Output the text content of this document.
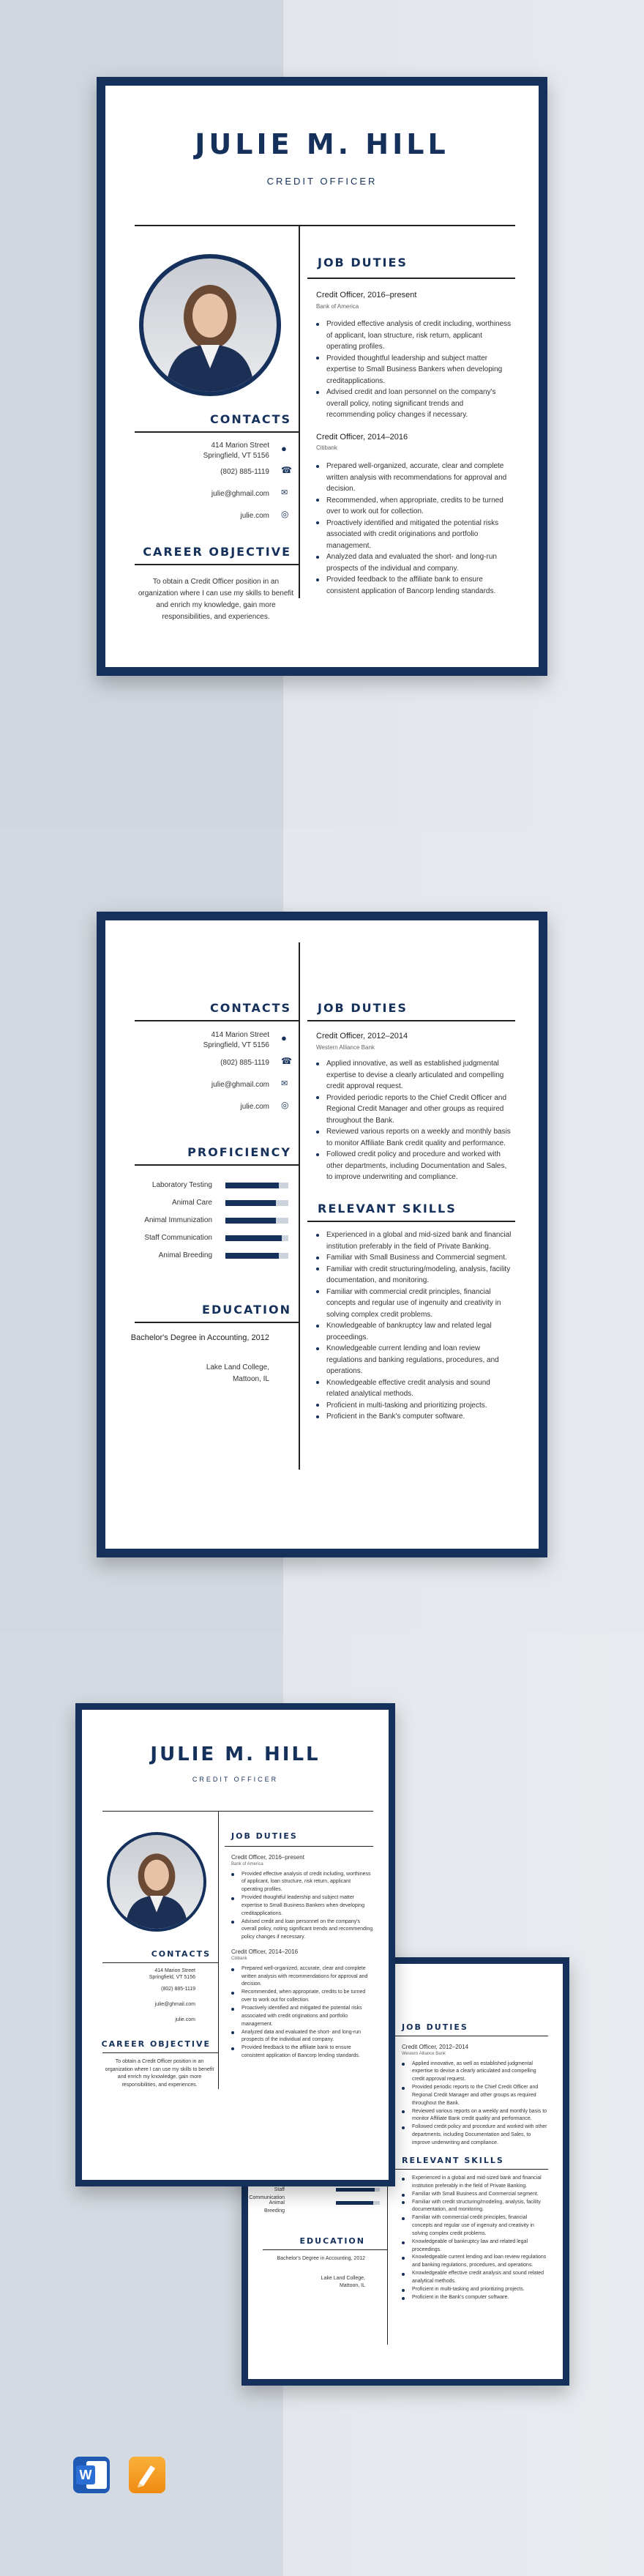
JULIE M. HILL
CREDIT OFFICER
CONTACTS
414 Marion Street
Springfield, VT 5156
●
(802) 885-1119 ☎
julie@ghmail.com ✉
julie.com ◎
CAREER OBJECTIVE
To obtain a Credit Officer position in an organization where I can use my skills to benefit and enrich my knowledge, gain more responsibilities, and experiences.
JOB DUTIES
Credit Officer, 2016–present
Bank of America
Provided effective analysis of credit including, worthiness of applicant, loan structure, risk return, applicant operating profiles.
Provided thoughtful leadership and subject matter expertise to Small Business Bankers when developing creditapplications.
Advised credit and loan personnel on the company's overall policy, noting significant trends and recommending policy changes if necessary.
Credit Officer, 2014–2016
Citibank
Prepared well-organized, accurate, clear and complete written analysis with recommendations for approval and decision.
Recommended, when appropriate, credits to be turned over to work out for collection.
Proactively identified and mitigated the potential risks associated with credit originations and portfolio management.
Analyzed data and evaluated the short- and long-run prospects of the individual and company.
Provided feedback to the affiliate bank to ensure consistent application of Bancorp lending standards.
CONTACTS
414 Marion Street
Springfield, VT 5156
●
(802) 885-1119 ☎
julie@ghmail.com ✉
julie.com ◎
PROFICIENCY
EDUCATION
Bachelor's Degree in Accounting, 2012
Lake Land College,
Mattoon, IL
JOB DUTIES
Credit Officer, 2012–2014
Western Alliance Bank
Applied innovative, as well as established judgmental expertise to devise a clearly articulated and compelling credit approval request.
Provided periodic reports to the Chief Credit Officer and Regional Credit Manager and other groups as required throughout the Bank.
Reviewed various reports on a weekly and monthly basis to monitor Affiliate Bank credit quality and performance.
Followed credit policy and procedure and worked with other departments, including Documentation and Sales, to improve underwriting and compliance.
RELEVANT SKILLS
Experienced in a global and mid-sized bank and financial institution preferably in the field of Private Banking.
Familiar with Small Business and Commercial segment.
Familiar with credit structuring/modeling, analysis, facility documentation, and monitoring.
Familiar with commercial credit principles, financial concepts and regular use of ingenuity and creativity in solving complex credit problems.
Knowledgeable of bankruptcy law and related legal proceedings.
Knowledgeable current lending and loan review regulations and banking regulations, procedures, and operations.
Knowledgeable effective credit analysis and sound related analytical methods.
Proficient in multi-tasking and prioritizing projects.
Proficient in the Bank's computer software.
Laboratory Testing
Animal Care
Animal Immunization
Staff Communication
Animal Breeding
JOB DUTIES
Credit Officer, 2012–2014
Western Alliance Bank
Applied innovative, as well as established judgmental expertise to devise a clearly articulated and compelling credit approval request.
Provided periodic reports to the Chief Credit Officer and Regional Credit Manager and other groups as required throughout the Bank.
Reviewed various reports on a weekly and monthly basis to monitor Affiliate Bank credit quality and performance.
Followed credit policy and procedure and worked with other departments, including Documentation and Sales, to improve underwriting and compliance.
RELEVANT SKILLS
Experienced in a global and mid-sized bank and financial institution preferably in the field of Private Banking.
Familiar with Small Business and Commercial segment.
Familiar with credit structuring/modeling, analysis, facility documentation, and monitoring.
Familiar with commercial credit principles, financial concepts and regular use of ingenuity and creativity in solving complex credit problems.
Knowledgeable of bankruptcy law and related legal proceedings.
Knowledgeable current lending and loan review regulations and banking regulations, procedures, and operations.
Knowledgeable effective credit analysis and sound related analytical methods.
Proficient in multi-tasking and prioritizing projects.
Proficient in the Bank's computer software.
Staff Communication
Animal Breeding
EDUCATION
Bachelor's Degree in Accounting, 2012
Lake Land College,
Mattoon, IL
JULIE M. HILL
CREDIT OFFICER
CONTACTS
414 Marion Street
Springfield, VT 5156
(802) 885-1119
julie@ghmail.com
julie.com
CAREER OBJECTIVE
To obtain a Credit Officer position in an organization where I can use my skills to benefit and enrich my knowledge, gain more responsibilities, and experiences.
JOB DUTIES
Credit Officer, 2016–present
Bank of America
Provided effective analysis of credit including, worthiness of applicant, loan structure, risk return, applicant operating profiles.
Provided thoughtful leadership and subject matter expertise to Small Business Bankers when developing creditapplications.
Advised credit and loan personnel on the company's overall policy, noting significant trends and recommending policy changes if necessary.
Credit Officer, 2014–2016
Citibank
Prepared well-organized, accurate, clear and complete written analysis with recommendations for approval and decision.
Recommended, when appropriate, credits to be turned over to work out for collection.
Proactively identified and mitigated the potential risks associated with credit originations and portfolio management.
Analyzed data and evaluated the short- and long-run prospects of the individual and company.
Provided feedback to the affiliate bank to ensure consistent application of Bancorp lending standards.
W
